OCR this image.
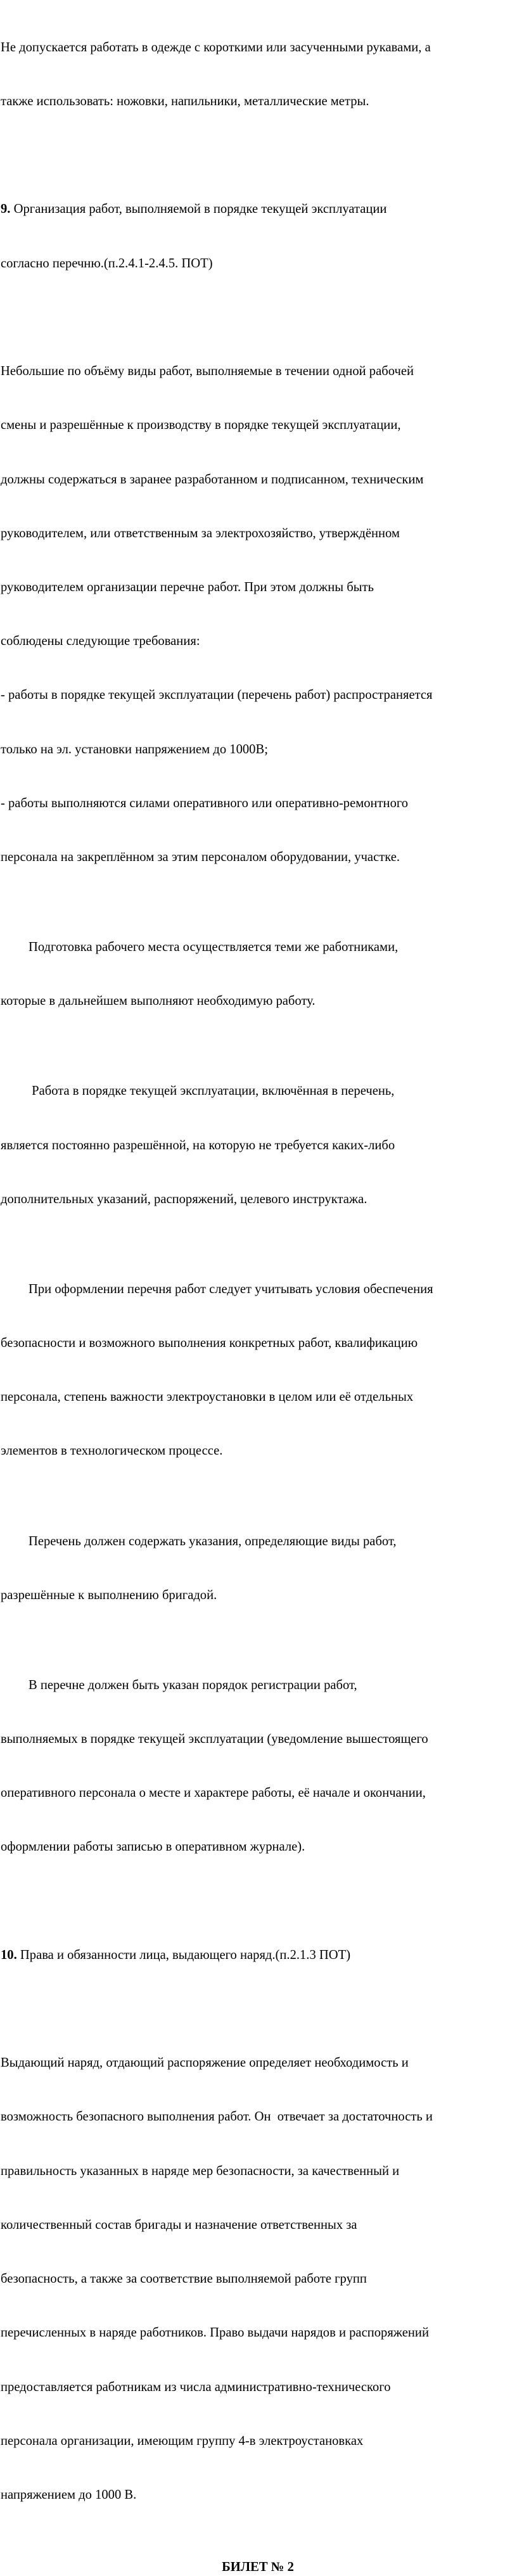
Не допускается работать в одежде с короткими или засученными рукавами, а

также использовать: ножовки, напильники, металлические метры.

9. Организация работ, выполняемой в порядке текущей эксплуатации

согласно перечню.(п.2.4.1-2.4.5. ПОТ)

Небольшие по объёму виды работ, выполняемые в течении одной рабочей

смены и разрешённые к производству в порядке текущей эксплуатации,

должны содержаться в заранее разработанном и подписанном, техническим

руководителем, или ответственным за электрохозяйство, утверждённом

руководителем организации перечне работ. При этом должны быть

соблюдены следующие требования:

- работы в порядке текущей эксплуатации (перечень работ) распространяется

только на эл. установки напряжением до 1000В;

- работы выполняются силами оперативного или оперативно-ремонтного

персонала на закреплённом за этим персоналом оборудовании, участке.

Подготовка рабочего места осуществляется теми же работниками,

которые в дальнейшем выполняют необходимую работу.

Работа в порядке текущей эксплуатации, включённая в перечень,

является постоянно разрешённой, на которую не требуется каких-либо

дополнительных указаний, распоряжений, целевого инструктажа.

При оформлении перечня работ следует учитывать условия обеспечения

безопасности и возможного выполнения конкретных работ, квалификацию

персонала, степень важности электроустановки в целом или её отдельных

элементов в технологическом процессе.

Перечень должен содержать указания, определяющие виды работ,

разрешённые к выполнению бригадой.

В перечне должен быть указан порядок регистрации работ,

выполняемых в порядке текущей эксплуатации (уведомление вышестоящего

оперативного персонала о месте и характере работы, её начале и окончании,

оформлении работы записью в оперативном журнале).

10. Права и обязанности лица, выдающего наряд.(п.2.1.3 ПОТ)

Выдающий наряд, отдающий распоряжение определяет необходимость и

возможность безопасного выполнения работ. Он  отвечает за достаточность и

правильность указанных в наряде мер безопасности, за качественный и

количественный состав бригады и назначение ответственных за

безопасность, а также за соответствие выполняемой работе групп

перечисленных в наряде работников. Право выдачи нарядов и распоряжений

предоставляется работникам из числа административно-технического

персонала организации, имеющим группу 4-в электроустановках

напряжением до 1000 В.

БИЛЕТ № 2
